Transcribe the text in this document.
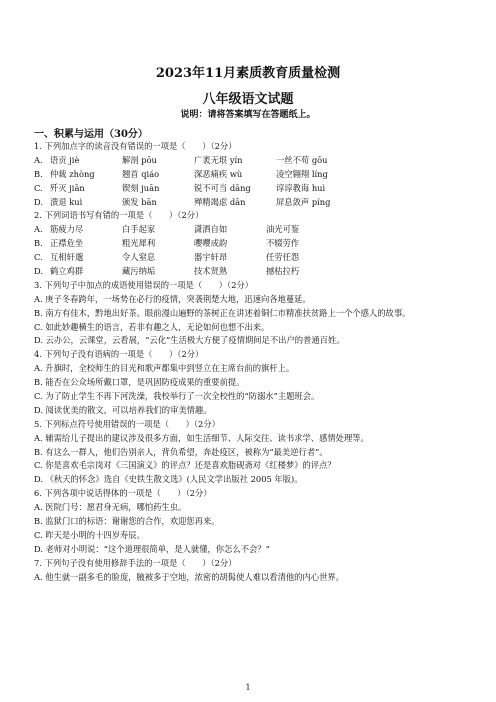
2023年11月素质教育质量检测
八年级语文试题
说明：请将答案填写在答题纸上。
一、积累与运用（30分）
1. 下列加点字的读音没有错误的一项是（　　）（2分）
A. 语贡 jiè	解剖 pōu	广袤无垠 yín	一丝不苟 gōu
B. 仲裁 zhòng	翘首 qiáo	深恶痛疾 wù	凌空翱翔 líng
C. 歼灭 jiān	锲刻 juān	锐不可当 dāng	谆谆教诲 huì
D. 溃退 kuì	颁发 bān	殚精竭虑 dān	屏息敛声 píng
2. 下列词语书写有错的一项是（　　）（2分）
A. 筋疲力尽	白手起家	潇洒自如	油光可鉴
B. 正襟危坐	粗光犀利	嚶嚶成韵	不辍劳作
C. 互相轩邈	令人窒息	器宇轩昂	任劳任怨
D. 鹤立鸡群	藏污纳垢	技术贤熟	撼枯拉朽
3. 下列句子中加点的成语使用错误的一项是（　　）（2分）
A. 庚子冬春跨年，一场势在必行的疫情，突袭荆楚大地，迅速向各地蔓延。
B. 南方有佳木，黔地出好茶。眼前漫山遍野的茶树正在讲述着铜仁市精准扶贫路上一个个感人的故事。
C. 如此妙趣横生的语言，若非有趣之人，无论如何也想不出来。
D. 云办公，云课堂，云看展，“云化”生活极大方便了疫情期间足不出户的普通百姓。
4. 下列句子没有语病的一项是（　　）（2分）
A. 升旗时，全校师生的目光和歌声都集中到竖立在主席台前的旗杆上。
B. 能否在公众场所戴口罩，是巩固防疫成果的重要前提。
C. 为了防止学生不再下河洗澡，我校举行了一次全校性的“防溺水”主题班会。
D. 阅读优美的散文，可以培养我们的审美情趣。
5. 下列标点符号使用错误的一项是（　　）（2分）
A. 辅需给儿子提出的建议涉及很多方面，如生活细节、人际交往、读书求学、感情处理等。
B. 有这么一群人，他们告别亲人，背负希望，奔赴疫区，被称为“最美逆行者”。
C. 你是喜欢毛宗岗对《三国演义》的评点？还是喜欢脂砚斋对《红楼梦》的评点？
D. 《秋天的怀念》选自《史铁生散文选》(人民文学出版社 2005 年版)。
6. 下列各项中说话得体的一项是（　　）（2分）
A. 医院门号：愿君身无病，哪怕药生虫。
B. 监狱门口的标语：谢谢您的合作，欢迎您再来。
C. 昨天是小明的十四岁寿辰。
D. 老师对小明说：“这个道理很简单，是人就懂，你怎么不会？”
7. 下列句子没有使用修辞手法的一项是（　　）（2分）
A. 他生就一副多毛的脸庞，腋被多于空地，浓密的胡髯使人难以看清他的内心世界。
1
